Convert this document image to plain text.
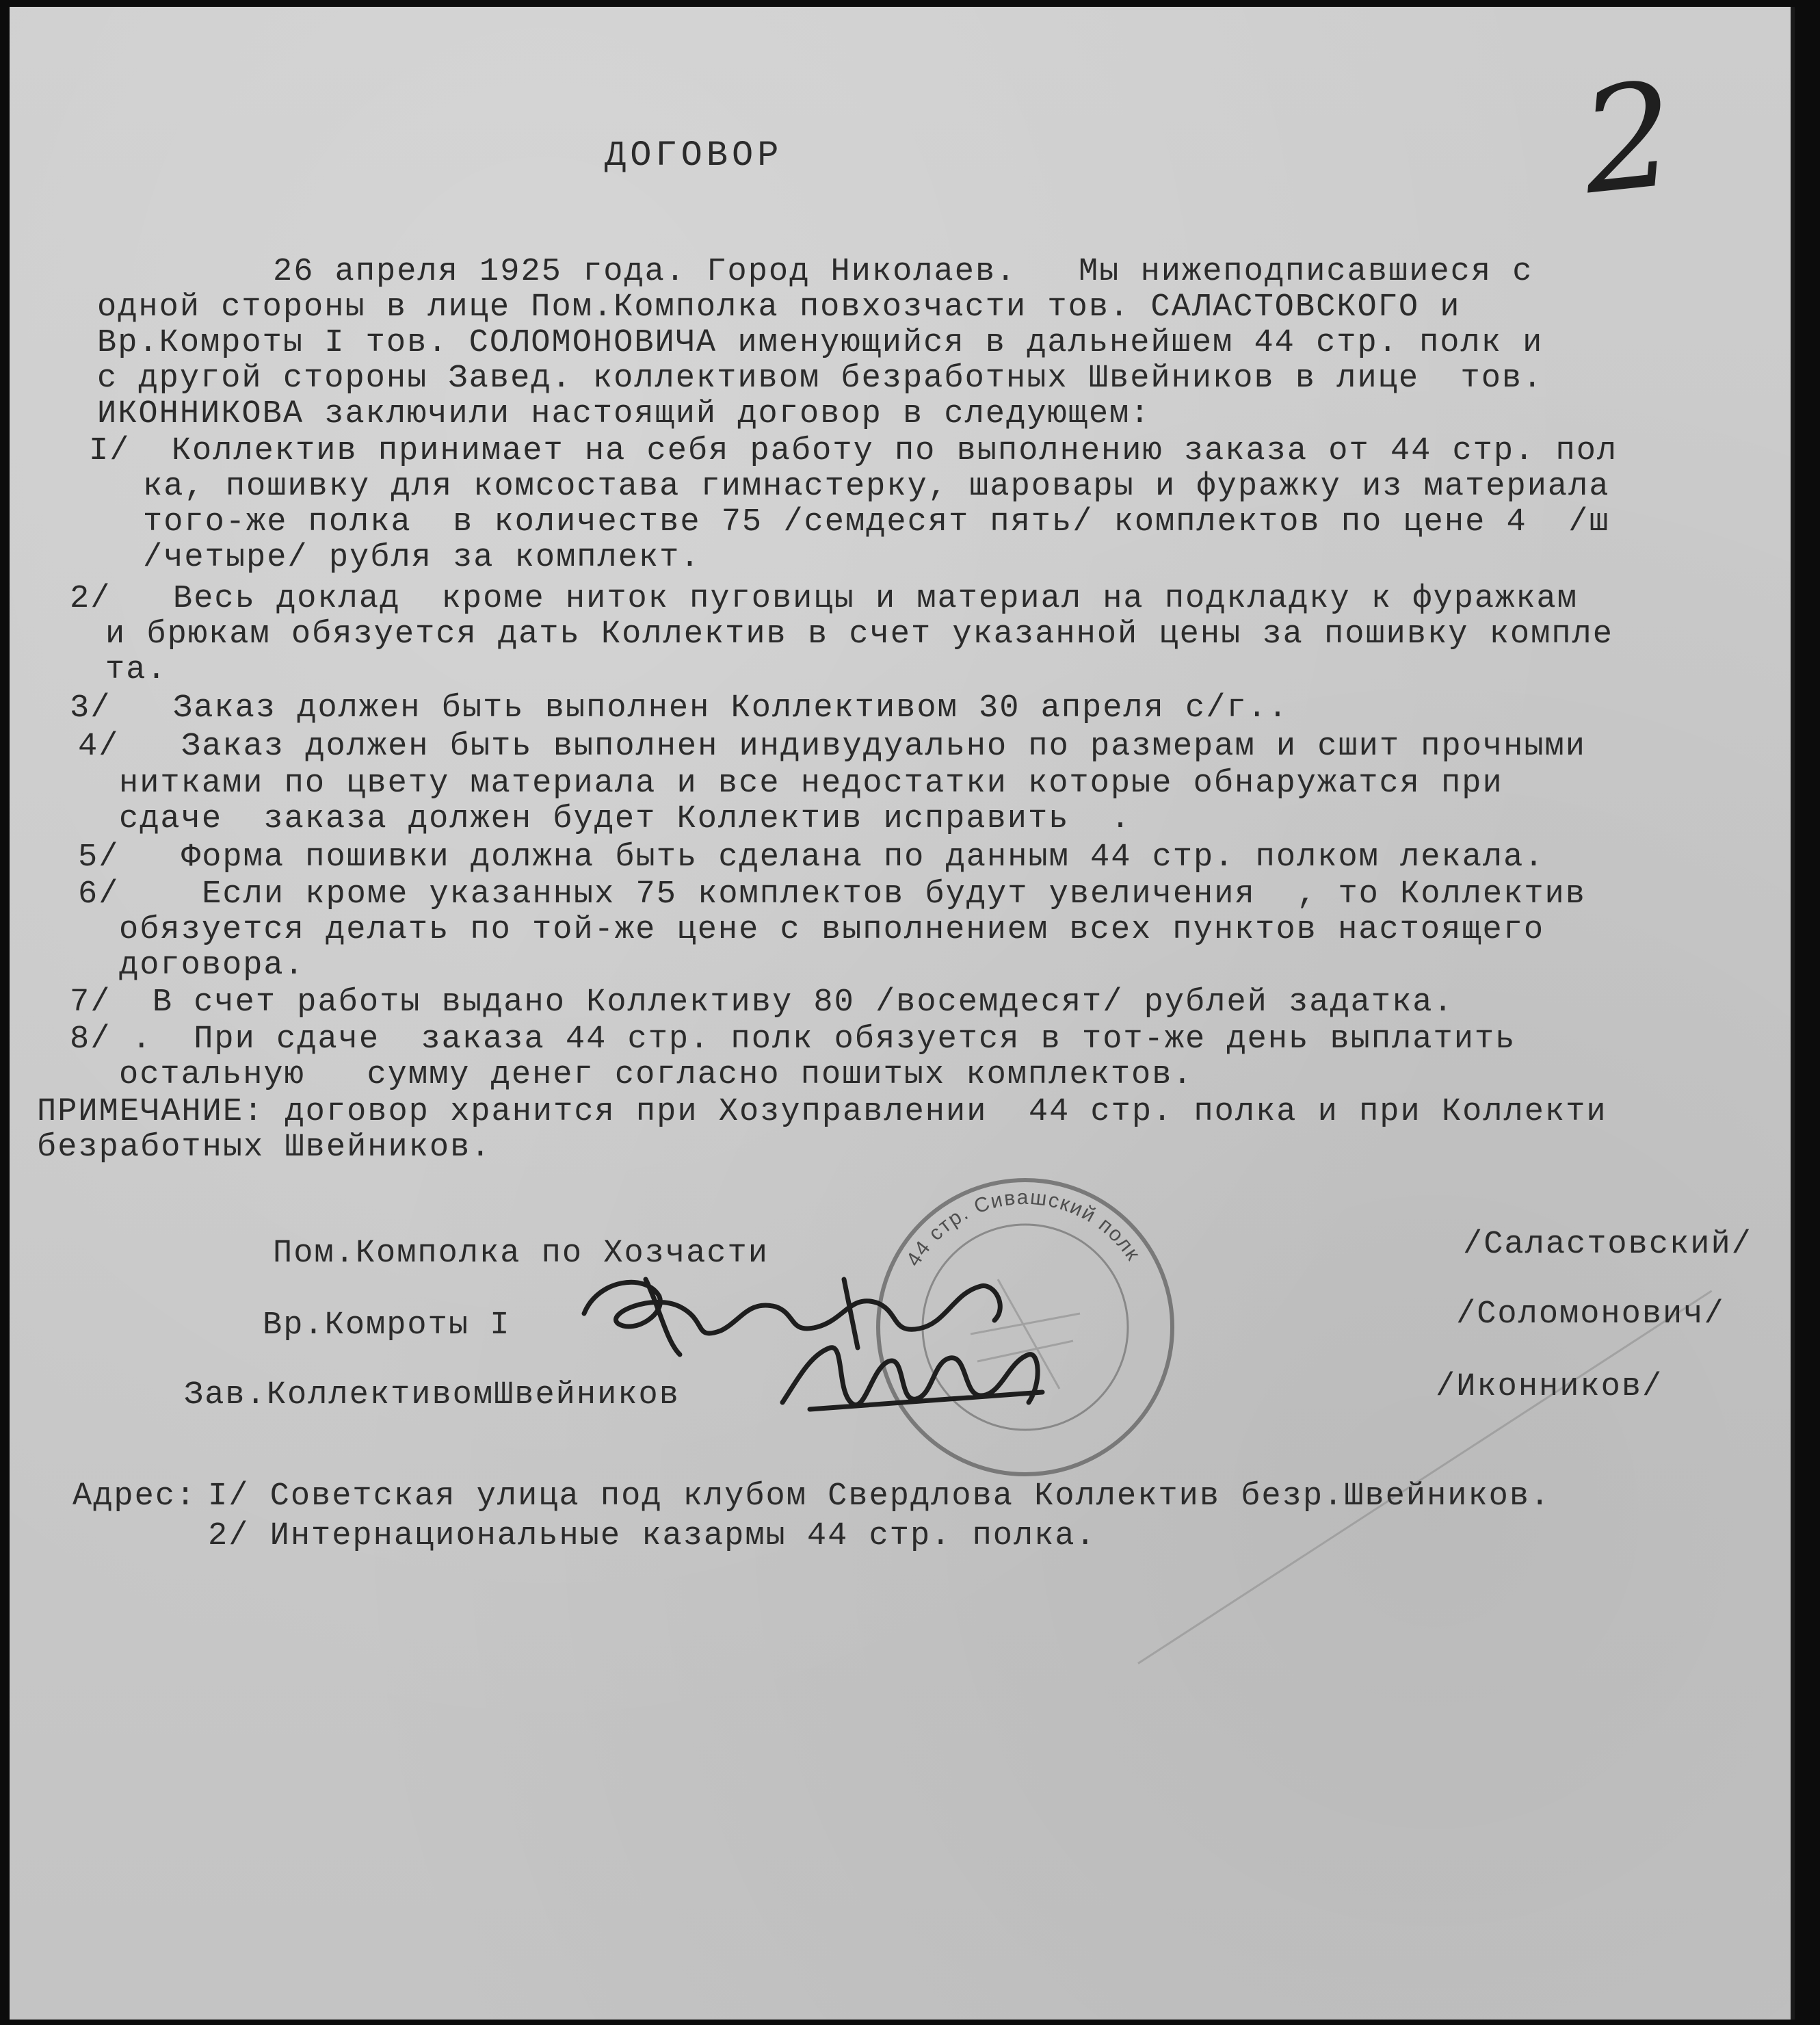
2
ДОГОВОР
26 апреля 1925 года. Город Николаев.   Мы нижеподписавшиеся с
одной стороны в лице Пом.Комполка повхозчасти тов. САЛАСТОВСКОГО и
Вр.Комроты I тов. СОЛОМОНОВИЧА именующийся в дальнейшем 44 стр. полк и
с другой стороны Завед. коллективом безработных Швейников в лице  тов.
ИКОННИКОВА заключили настоящий договор в следующем:
I/  Коллектив принимает на себя работу по выполнению заказа от 44 стр. пол
ка, пошивку для комсостава гимнастерку, шаровары и фуражку из материала
того-же полка  в количестве 75 /семдесят пять/ комплектов по цене 4  /ш
/четыре/ рубля за комплект.
2/   Весь доклад  кроме ниток пуговицы и материал на подкладку к фуражкам
и брюкам обязуется дать Коллектив в счет указанной цены за пошивку компле
та.
3/   Заказ должен быть выполнен Коллективом 30 апреля с/г..
4/   Заказ должен быть выполнен индивудуально по размерам и сшит прочными
нитками по цвету материала и все недостатки которые обнаружатся при
сдаче  заказа должен будет Коллектив исправить  .
5/   Форма пошивки должна быть сделана по данным 44 стр. полком лекала.
6/    Если кроме указанных 75 комплектов будут увеличения  , то Коллектив
обязуется делать по той-же цене с выполнением всех пунктов настоящего
договора.
7/  В счет работы выдано Коллективу 80 /восемдесят/ рублей задатка.
8/ .  При сдаче  заказа 44 стр. полк обязуется в тот-же день выплатить
остальную   сумму денег согласно пошитых комплектов.
ПРИМЕЧАНИЕ: договор хранится при Хозуправлении  44 стр. полка и при Коллекти
безработных Швейников.
Пом.Комполка по Хозчасти
Вр.Комроты I
Зав.КоллективомШвейников
/Саластовский/
/Соломонович/
/Иконников/
44 стр. Сивашский полк
Адрес: I/ Советская улица под клубом Свердлова Коллектив безр.Швейников.
2/ Интернациональные казармы 44 стр. полка.
